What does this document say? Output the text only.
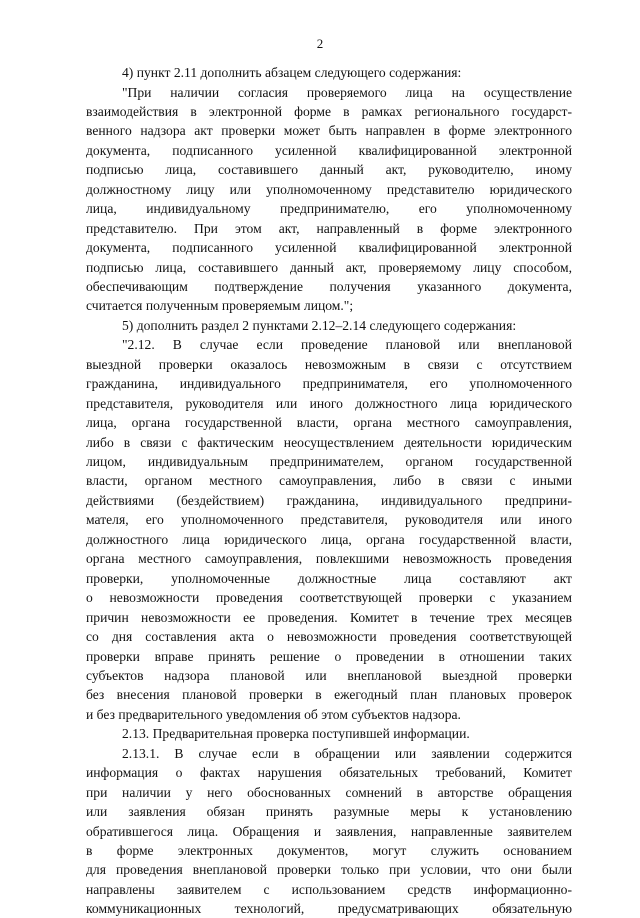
2
4) пункт 2.11 дополнить абзацем следующего содержания:
"При наличии согласия проверяемого лица на осуществление
взаимодействия в электронной форме в рамках регионального государст-
венного надзора акт проверки может быть направлен в форме электронного
документа, подписанного усиленной квалифицированной электронной
подписью лица, составившего данный акт, руководителю, иному
должностному лицу или уполномоченному представителю юридического
лица, индивидуальному предпринимателю, его уполномоченному
представителю. При этом акт, направленный в форме электронного
документа, подписанного усиленной квалифицированной электронной
подписью лица, составившего данный акт, проверяемому лицу способом,
обеспечивающим подтверждение получения указанного документа,
считается полученным проверяемым лицом.";
5) дополнить раздел 2 пунктами 2.12–2.14 следующего содержания:
"2.12. В случае если проведение плановой или внеплановой
выездной проверки оказалось невозможным в связи с отсутствием
гражданина, индивидуального предпринимателя, его уполномоченного
представителя, руководителя или иного должностного лица юридического
лица, органа государственной власти, органа местного самоуправления,
либо в связи с фактическим неосуществлением деятельности юридическим
лицом, индивидуальным предпринимателем, органом государственной
власти, органом местного самоуправления, либо в связи с иными
действиями (бездействием) гражданина, индивидуального предприни-
мателя, его уполномоченного представителя, руководителя или иного
должностного лица юридического лица, органа государственной власти,
органа местного самоуправления, повлекшими невозможность проведения
проверки, уполномоченные должностные лица составляют акт
о невозможности проведения соответствующей проверки с указанием
причин невозможности ее проведения. Комитет в течение трех месяцев
со дня составления акта о невозможности проведения соответствующей
проверки вправе принять решение о проведении в отношении таких
субъектов надзора плановой или внеплановой выездной проверки
без внесения плановой проверки в ежегодный план плановых проверок
и без предварительного уведомления об этом субъектов надзора.
2.13. Предварительная проверка поступившей информации.
2.13.1. В случае если в обращении или заявлении содержится
информация о фактах нарушения обязательных требований, Комитет
при наличии у него обоснованных сомнений в авторстве обращения
или заявления обязан принять разумные меры к установлению
обратившегося лица. Обращения и заявления, направленные заявителем
в форме электронных документов, могут служить основанием
для проведения внеплановой проверки только при условии, что они были
направлены заявителем с использованием средств информационно-
коммуникационных технологий, предусматривающих обязательную
